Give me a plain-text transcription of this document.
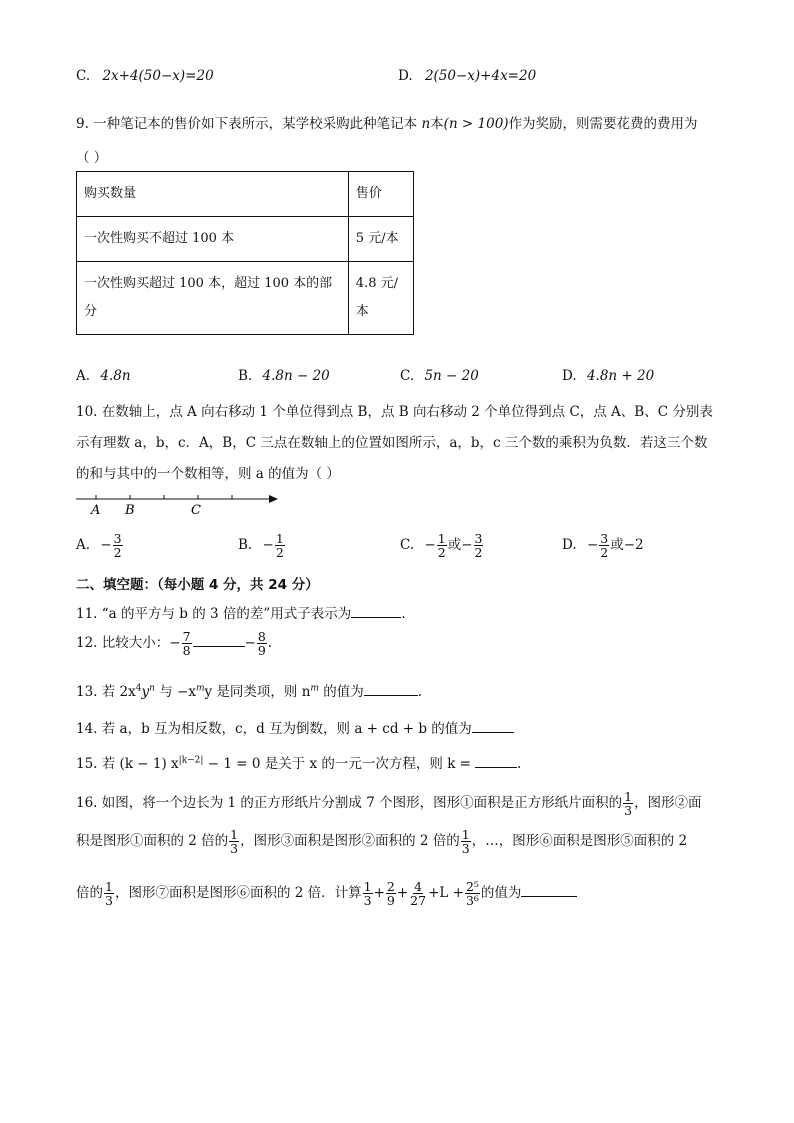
C. 2x+4(50−x)=20	D. 2(50−x)+4x=20
9. 一种笔记本的售价如下表所示，某学校采购此种笔记本 n本(n > 100)作为奖励，则需要花费的费用为
（ ）
购买数量	售价
一次性购买不超过 100 本	5 元/本
一次性购买超过 100 本，超过 100 本的部分	4.8 元/本
A. 4.8n	B. 4.8n − 20	C. 5n − 20	D. 4.8n + 20
10. 在数轴上，点 A 向右移动 1 个单位得到点 B，点 B 向右移动 2 个单位得到点 C，点 A、B、C 分别表
示有理数 a，b，c．A，B，C 三点在数轴上的位置如图所示，a，b，c 三个数的乘积为负数．若这三个数
的和与其中的一个数相等，则 a 的值为（ ）
A B	C
A. − $\frac{3}{2}$	B. − $\frac{1}{2}$	C. − $\frac{1}{2}$ 或− $\frac{3}{2}$	D. − $\frac{3}{2}$ 或−2
二、填空题：（每小题 4 分，共 24 分）
11. “a 的平方与 b 的 3 倍的差”用式子表示为	.
12. 比较大小：− $\frac{7}{8}$	− $\frac{8}{9}$ .
13. 若 $2x^4y^n$ 与 $-x^my$ 是同类项，则 $n^m$ 的值为	.
14. 若 a，b 互为相反数，c，d 互为倒数，则 a + cd + b 的值为
15. 若 (k − 1) $x^{|k-2|} - 1 = 0$ 是关于 x 的一元一次方程，则 k =	.
16. 如图，将一个边长为 1 的正方形纸片分割成 7 个图形，图形①面积是正方形纸片面积的 $\frac{1}{3}$ ，图形②面
积是图形①面积的 2 倍的 $\frac{1}{3}$ ，图形③面积是图形②面积的 2 倍的 $\frac{1}{3}$ ，…，图形⑥面积是图形⑤面积的 2
倍的 $\frac{1}{3}$ ，图形⑦面积是图形⑥面积的 2 倍．计算 $\frac{1}{3} + \frac{2}{9} + \frac{4}{27} +L + \frac{\text{2⁵}}{\text{3⁶}}$ 的值为
